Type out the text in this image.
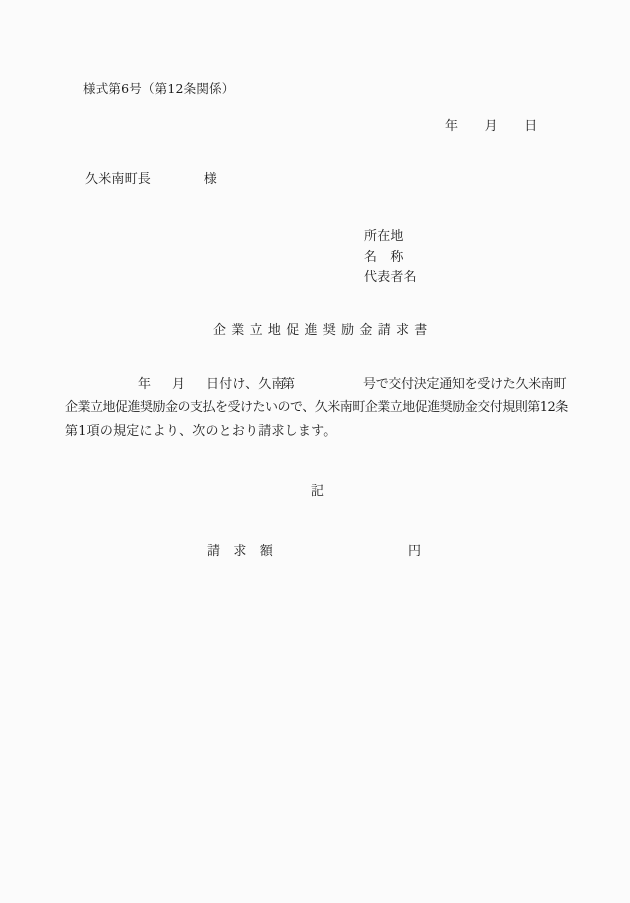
様式第6号（第12条関係）
年　　月　　日
久米南町長　　　　様
所在地
名　称
代表者名
企業立地促進奨励金請求書
年 月 日付け、久南
第	号で交付決定通知を受けた久米南町
企業立地促進奨励金の支払を受けたいので、久米南町企業立地促進奨励金交付規則第12条
第1項の規定により、次のとおり請求します。
記
請　求　額	円
